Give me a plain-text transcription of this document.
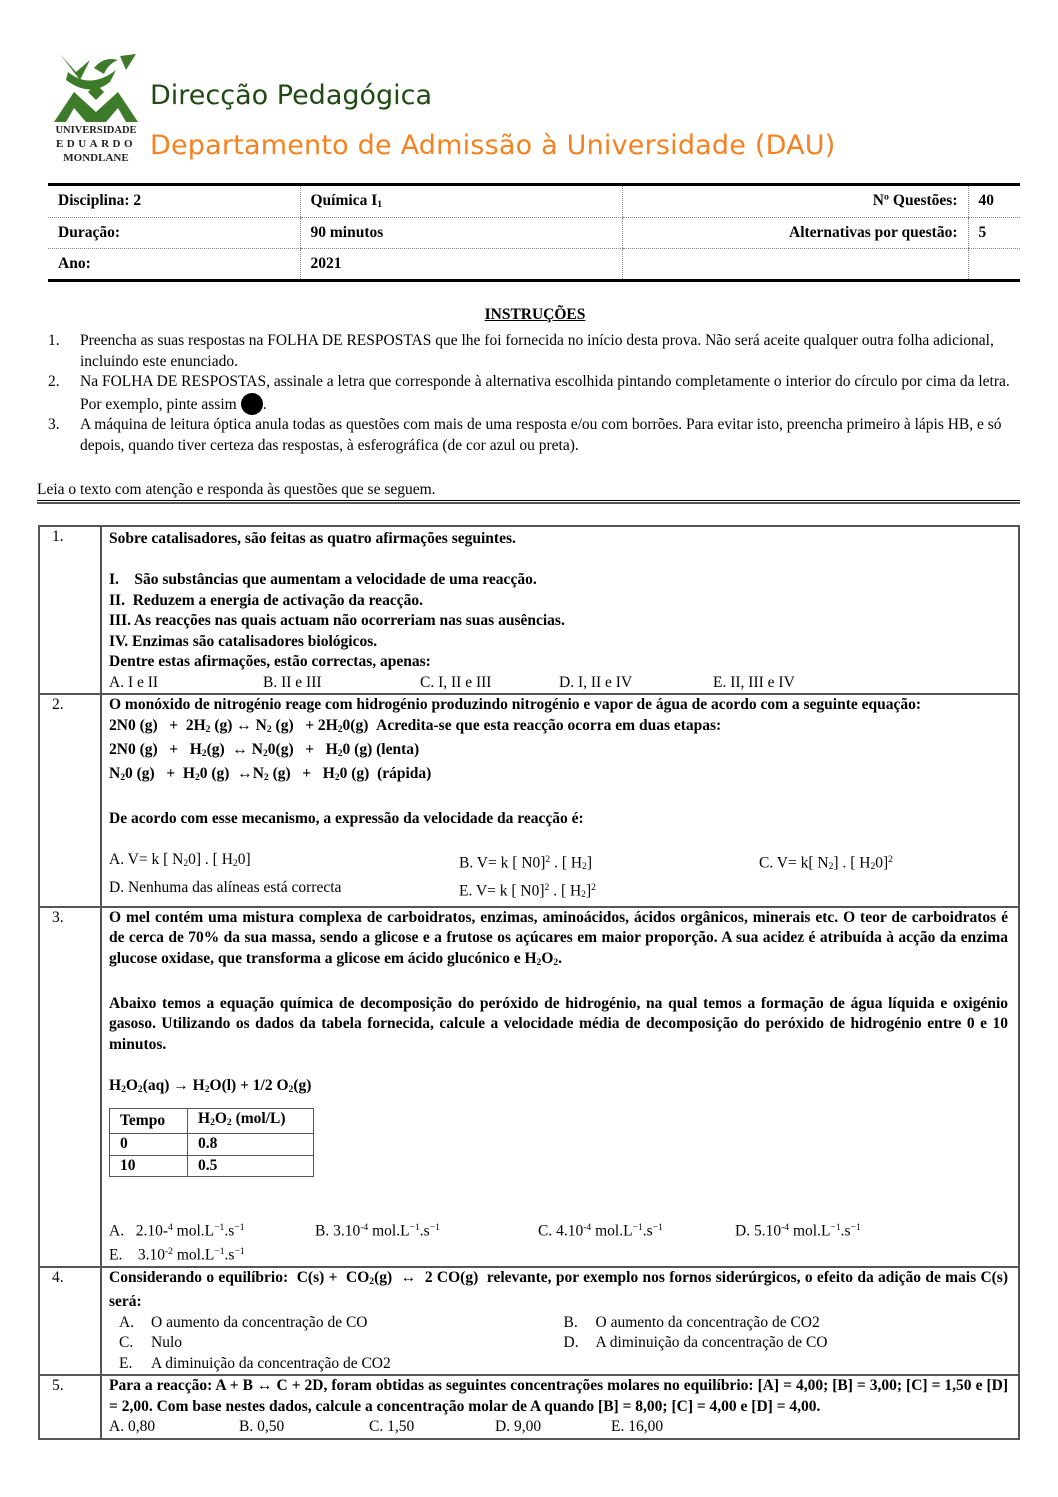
UNIVERSIDADE
EDUARDO
MONDLANE
Direcção Pedagógica
Departamento de Admissão à Universidade (DAU)
Disciplina: 2	Química $I_1$	Nº Questões:	40
Duração:	90 minutos	Alternativas por questão:	5
Ano:	2021		
INSTRUÇÕES
1. Preencha as suas respostas na FOLHA DE RESPOSTAS que lhe foi fornecida no início desta prova. Não será aceite qualquer outra folha adicional, incluindo este enunciado.
2. Na FOLHA DE RESPOSTAS, assinale a letra que corresponde à alternativa escolhida pintando completamente o interior do círculo por cima da letra. Por exemplo, pinte assim .
3. A máquina de leitura óptica anula todas as questões com mais de uma resposta e/ou com borrões. Para evitar isto, preencha primeiro à lápis HB, e só depois, quando tiver certeza das respostas, à esferográfica (de cor azul ou preta).
Leia o texto com atenção e responda às questões que se seguem.
1.	Sobre catalisadores, são feitas as quatro afirmações seguintes.
I.    São substâncias que aumentam a velocidade de uma reacção.
II.  Reduzem a energia de activação da reacção.
III. As reacções nas quais actuam não ocorreriam nas suas ausências.
IV. Enzimas são catalisadores biológicos.
Dentre estas afirmações, estão correctas, apenas:
A. I e II	B. II e III	C. I, II e III	D. I, II e IV	E. II, III e IV
2.	O monóxido de nitrogénio reage com hidrogénio produzindo nitrogénio e vapor de água de acordo com a seguinte equação:
2N0 $(g) + 2H_2$ (g) ↔ $N_2$ $(g) + 2H_20(g)$  Acredita-se que esta reacção ocorra em duas etapas:
2N0 $(g) + H_2(g)$  ↔ $N_20(g) + H_20$ (g) (lenta)
$N_20$ $(g) + H_20$ (g)  $\leftrightarrow N_2$ $(g) + H_20$ (g)  (rápida)
De acordo com esse mecanismo, a expressão da velocidade da reacção é:
A. V= k [ $N_20$] . [ $H_20$]	B. V= k [ N0]$^2$ . [ $H_2$]	C. V= k[ $N_2$] . [ $H_20]^2$
D. Nenhuma das alíneas está correcta	E. V= k [ N0]$^2$ . [ $H_2]^2$
3.	O mel contém uma mistura complexa de carboidratos, enzimas, aminoácidos, ácidos orgânicos, minerais etc. O teor de carboidratos é de cerca de 70% da sua massa, sendo a glicose e a frutose os açúcares em maior proporção. A sua acidez é atribuída à acção da enzima glucose oxidase, que transforma a glicose em ácido glucónico e $H_2O_2$.
Abaixo temos a equação química de decomposição do peróxido de hidrogénio, na qual temos a formação de água líquida e oxigénio gasoso. Utilizando os dados da tabela fornecida, calcule a velocidade média de decomposição do peróxido de hidrogénio entre 0 e 10 minutos.
$H_2O_2(aq) \to H_2O(l) + 1/2$ $O_2(g)$
Tempo	$H_2O_2$ (mol/L)
0	0.8
10	0.5
A. 2.10-$^4$ $mol.L^{-1}.s^{-1}$	B. $3.10^{-4}$ $mol.L^{-1}.s^{-1}$	C. $4.10^{-4}$ $mol.L^{-1}.s^{-1}$	D. $5.10^{-4}$ $mol.L^{-1}.s^{-1}$
E. $3.10^{-2}$ $mol.L^{-1}.s^{-1}$
4.	Considerando o equilíbrio:  $C(s) + CO_2(g)$  ↔  2 CO(g)  relevante, por exemplo nos fornos siderúrgicos, o efeito da adição de mais C(s) será:
A. O aumento da concentração de CO	B. O aumento da concentração de CO2
C. Nulo	D. A diminuição da concentração de CO
E. A diminuição da concentração de CO2
5.	Para a reacção: A + B ↔ C + 2D, foram obtidas as seguintes concentrações molares no equilíbrio: [A] = 4,00; [B] = 3,00; [C] = 1,50 e [D] = 2,00. Com base nestes dados, calcule a concentração molar de A quando [B] = 8,00; [C] = 4,00 e [D] = 4,00.
A. 0,80	B. 0,50	C. 1,50	D. 9,00	E. 16,00
